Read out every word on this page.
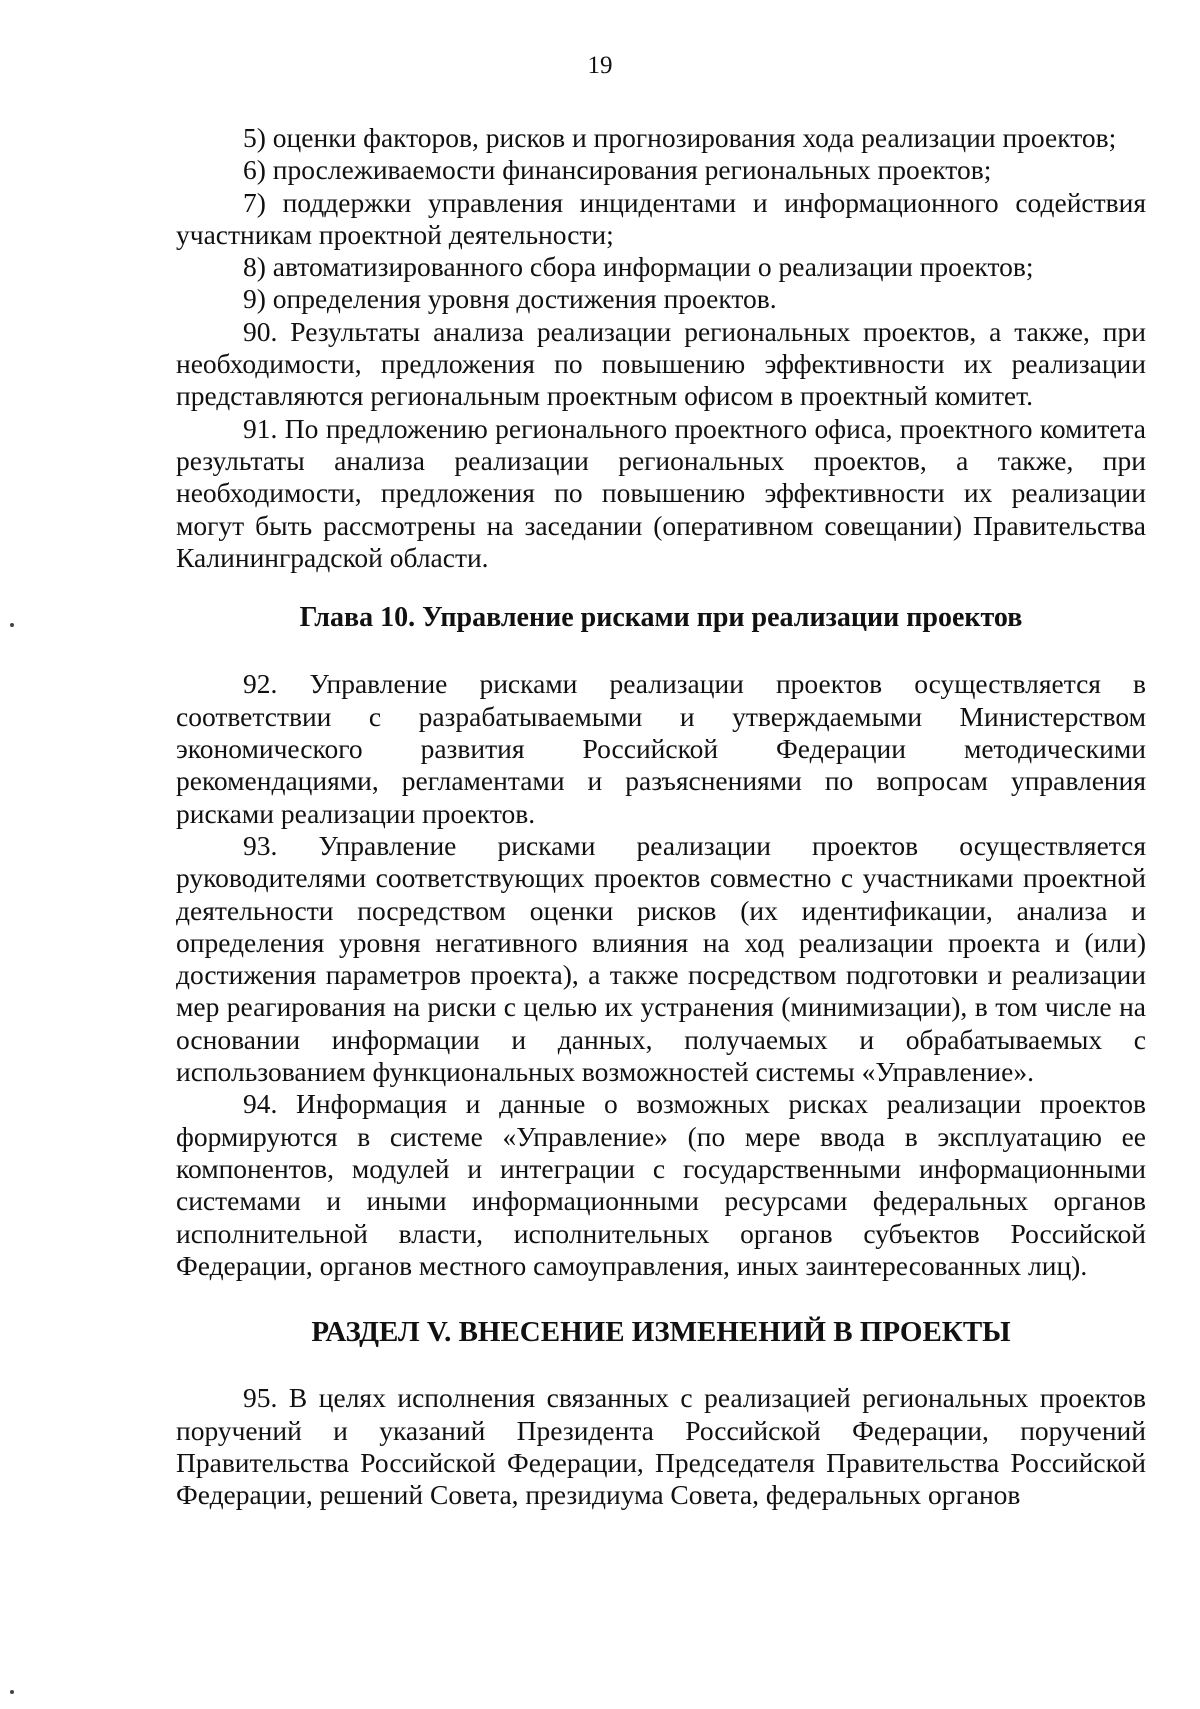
19

5) оценки факторов, рисков и прогнозирования хода реализации проектов;

6) прослеживаемости финансирования региональных проектов;

7) поддержки управления инцидентами и информационного содействия участникам проектной деятельности;

8) автоматизированного сбора информации о реализации проектов;

9) определения уровня достижения проектов.

90. Результаты анализа реализации региональных проектов, а также, при необходимости, предложения по повышению эффективности их реализации представляются региональным проектным офисом в проектный комитет.

91. По предложению регионального проектного офиса, проектного комитета результаты анализа реализации региональных проектов, а также, при необходимости, предложения по повышению эффективности их реализации могут быть рассмотрены на заседании (оперативном совещании) Правительства Калининградской области.

Глава 10. Управление рисками при реализации проектов

92. Управление рисками реализации проектов осуществляется в соответствии с разрабатываемыми и утверждаемыми Министерством экономического развития Российской Федерации методическими рекомендациями, регламентами и разъяснениями по вопросам управления рисками реализации проектов.

93. Управление рисками реализации проектов осуществляется руководителями соответствующих проектов совместно с участниками проектной деятельности посредством оценки рисков (их идентификации, анализа и определения уровня негативного влияния на ход реализации проекта и (или) достижения параметров проекта), а также посредством подготовки и реализации мер реагирования на риски с целью их устранения (минимизации), в том числе на основании информации и данных, получаемых и обрабатываемых с использованием функциональных возможностей системы «Управление».

94. Информация и данные о возможных рисках реализации проектов формируются в системе «Управление» (по мере ввода в эксплуатацию ее компонентов, модулей и интеграции с государственными информационными системами и иными информационными ресурсами федеральных органов исполнительной власти, исполнительных органов субъектов Российской Федерации, органов местного самоуправления, иных заинтересованных лиц).

РАЗДЕЛ V. ВНЕСЕНИЕ ИЗМЕНЕНИЙ В ПРОЕКТЫ

95. В целях исполнения связанных с реализацией региональных проектов поручений и указаний Президента Российской Федерации, поручений Правительства Российской Федерации, Председателя Правительства Российской Федерации, решений Совета, президиума Совета, федеральных органов
